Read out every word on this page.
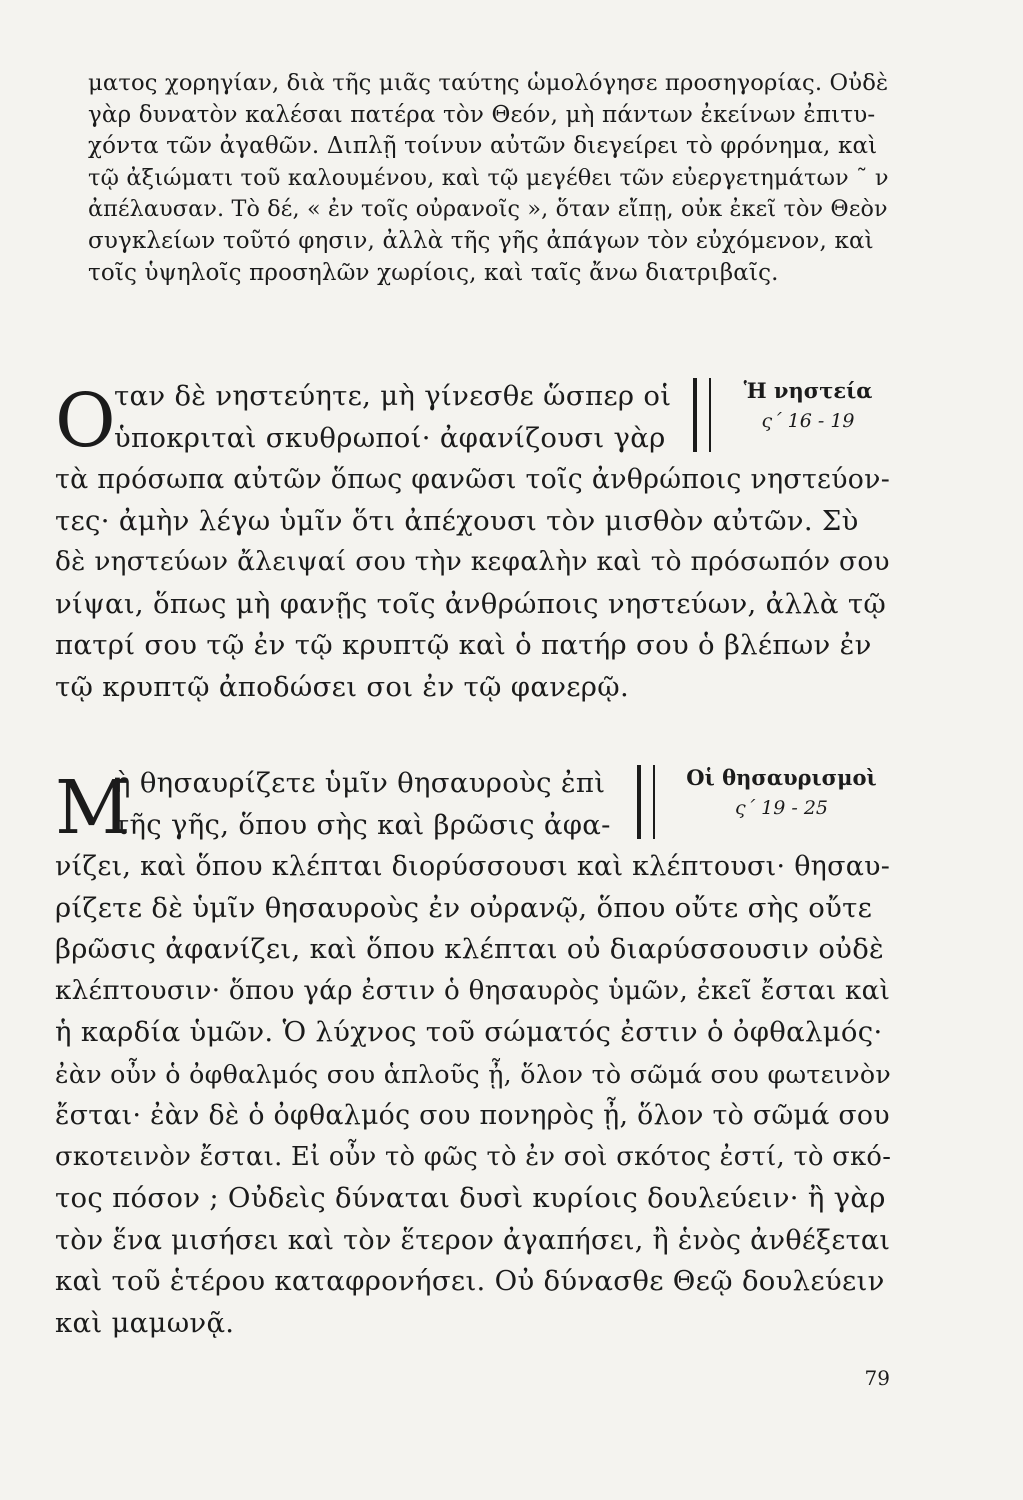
ματος χορηγίαν, διὰ τῆς μιᾶς ταύτης ὡμολόγησε προσηγορίας. Οὐδὲ
γὰρ δυνατὸν καλέσαι πατέρα τὸν Θεόν, μὴ πάντων ἐκείνων ἐπιτυ-
χόντα τῶν ἀγαθῶν. Διπλῇ τοίνυν αὐτῶν διεγείρει τὸ φρόνημα, καὶ
τῷ ἀξιώματι τοῦ καλουμένου, καὶ τῷ μεγέθει τῶν εὐεργετημάτων ˜ ν
ἀπέλαυσαν. Τὸ δέ, « ἐν τοῖς οὐρανοῖς », ὅταν εἴπῃ, οὐκ ἐκεῖ τὸν Θεὸν
συγκλείων τοῦτό φησιν, ἀλλὰ τῆς γῆς ἀπάγων τὸν εὐχόμενον, καὶ
τοῖς ὑψηλοῖς προσηλῶν χωρίοις, καὶ ταῖς ἄνω διατριβαῖς.
Ο
ταν δὲ νηστεύητε, μὴ γίνεσθε ὥσπερ οἱ
ὑποκριταὶ σκυθρωποί· ἀφανίζουσι γὰρ
Ἡ νηστεία
ς΄ 16 - 19
τὰ πρόσωπα αὐτῶν ὅπως φανῶσι τοῖς ἀνθρώποις νηστεύον-
τες· ἀμὴν λέγω ὑμῖν ὅτι ἀπέχουσι τὸν μισθὸν αὐτῶν. Σὺ
δὲ νηστεύων ἄλειψαί σου τὴν κεφαλὴν καὶ τὸ πρόσωπόν σου
νίψαι, ὅπως μὴ φανῇς τοῖς ἀνθρώποις νηστεύων, ἀλλὰ τῷ
πατρί σου τῷ ἐν τῷ κρυπτῷ καὶ ὁ πατήρ σου ὁ βλέπων ἐν
τῷ κρυπτῷ ἀποδώσει σοι ἐν τῷ φανερῷ.
Μ
ὴ θησαυρίζετε ὑμῖν θησαυροὺς ἐπὶ
τῆς γῆς, ὅπου σὴς καὶ βρῶσις ἀφα-
Οἱ θησαυρισμοὶ
ς΄ 19 - 25
νίζει, καὶ ὅπου κλέπται διορύσσουσι καὶ κλέπτουσι· θησαυ-
ρίζετε δὲ ὑμῖν θησαυροὺς ἐν οὐρανῷ, ὅπου οὔτε σὴς οὔτε
βρῶσις ἀφανίζει, καὶ ὅπου κλέπται οὐ διαρύσσουσιν οὐδὲ
κλέπτουσιν· ὅπου γάρ ἐστιν ὁ θησαυρὸς ὑμῶν, ἐκεῖ ἔσται καὶ
ἡ καρδία ὑμῶν. Ὁ λύχνος τοῦ σώματός ἐστιν ὁ ὀφθαλμός·
ἐὰν οὖν ὁ ὀφθαλμός σου ἁπλοῦς ᾖ, ὅλον τὸ σῶμά σου φωτεινὸν
ἔσται· ἐὰν δὲ ὁ ὀφθαλμός σου πονηρὸς ᾖ, ὅλον τὸ σῶμά σου
σκοτεινὸν ἔσται. Εἰ οὖν τὸ φῶς τὸ ἐν σοὶ σκότος ἐστί, τὸ σκό-
τος πόσον ; Οὐδεὶς δύναται δυσὶ κυρίοις δουλεύειν· ἢ γὰρ
τὸν ἕνα μισήσει καὶ τὸν ἕτερον ἀγαπήσει, ἢ ἑνὸς ἀνθέξεται
καὶ τοῦ ἑτέρου καταφρονήσει. Οὐ δύνασθε Θεῷ δουλεύειν
καὶ μαμωνᾷ.
79
